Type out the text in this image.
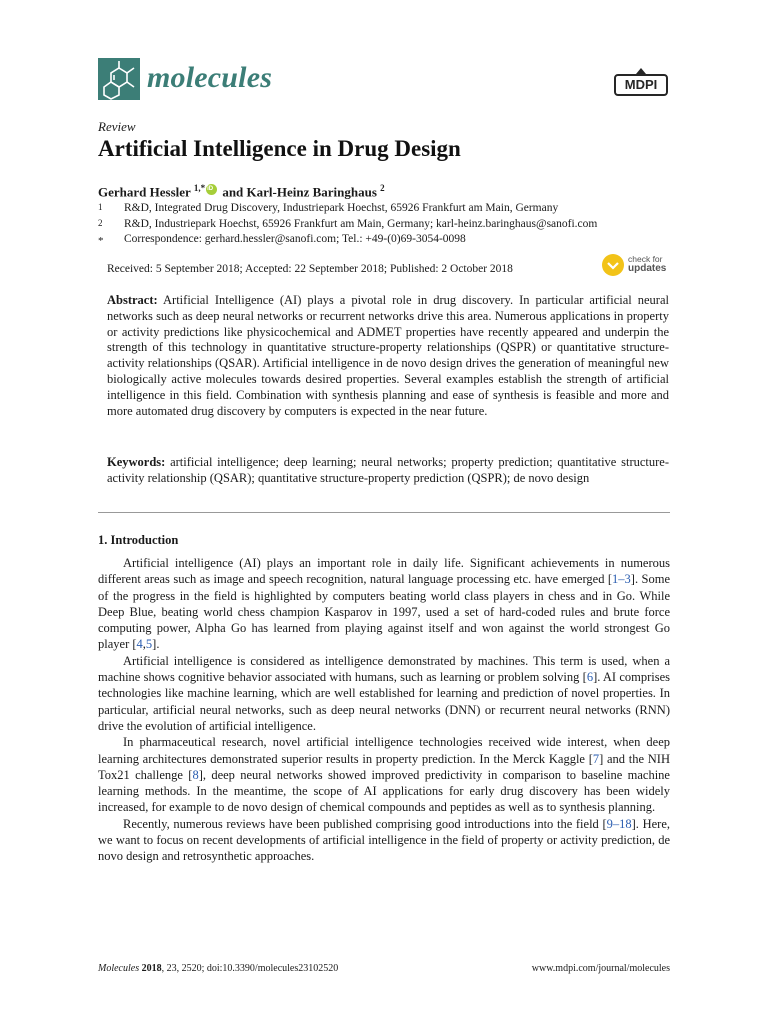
molecules	MDPI
Review
Artificial Intelligence in Drug Design
Gerhard Hessler $^{1,*}$iD and Karl-Heinz Baringhaus $^2$
1	R&D, Integrated Drug Discovery, Industriepark Hoechst, 65926 Frankfurt am Main, Germany
2	R&D, Industriepark Hoechst, 65926 Frankfurt am Main, Germany; karl-heinz.baringhaus@sanofi.com
*	Correspondence: gerhard.hessler@sanofi.com; Tel.: +49-(0)69-3054-0098
Received: 5 September 2018; Accepted: 22 September 2018; Published: 2 October 2018
check for
updates

Abstract: Artificial Intelligence (AI) plays a pivotal role in drug discovery. In particular artificial neural networks such as deep neural networks or recurrent networks drive this area. Numerous applications in property or activity predictions like physicochemical and ADMET properties have recently appeared and underpin the strength of this technology in quantitative structure-property relationships (QSPR) or quantitative structure-activity relationships (QSAR). Artificial intelligence in de novo design drives the generation of meaningful new biologically active molecules towards desired properties. Several examples establish the strength of artificial intelligence in this field. Combination with synthesis planning and ease of synthesis is feasible and more and more automated drug discovery by computers is expected in the near future.

Keywords: artificial intelligence; deep learning; neural networks; property prediction; quantitative structure-activity relationship (QSAR); quantitative structure-property prediction (QSPR); de novo design

1. Introduction

Artificial intelligence (AI) plays an important role in daily life. Significant achievements in numerous different areas such as image and speech recognition, natural language processing etc. have emerged [1–3]. Some of the progress in the field is highlighted by computers beating world class players in chess and in Go. While Deep Blue, beating world chess champion Kasparov in 1997, used a set of hard-coded rules and brute force computing power, Alpha Go has learned from playing against itself and won against the world strongest Go player [4,5].

Artificial intelligence is considered as intelligence demonstrated by machines. This term is used, when a machine shows cognitive behavior associated with humans, such as learning or problem solving [6]. AI comprises technologies like machine learning, which are well established for learning and prediction of novel properties. In particular, artificial neural networks, such as deep neural networks (DNN) or recurrent neural networks (RNN) drive the evolution of artificial intelligence.

In pharmaceutical research, novel artificial intelligence technologies received wide interest, when deep learning architectures demonstrated superior results in property prediction. In the Merck Kaggle [7] and the NIH Tox21 challenge [8], deep neural networks showed improved predictivity in comparison to baseline machine learning methods. In the meantime, the scope of AI applications for early drug discovery has been widely increased, for example to de novo design of chemical compounds and peptides as well as to synthesis planning.

Recently, numerous reviews have been published comprising good introductions into the field [9–18]. Here, we want to focus on recent developments of artificial intelligence in the field of property or activity prediction, de novo design and retrosynthetic approaches.

Molecules 2018, 23, 2520; doi:10.3390/molecules23102520	www.mdpi.com/journal/molecules
